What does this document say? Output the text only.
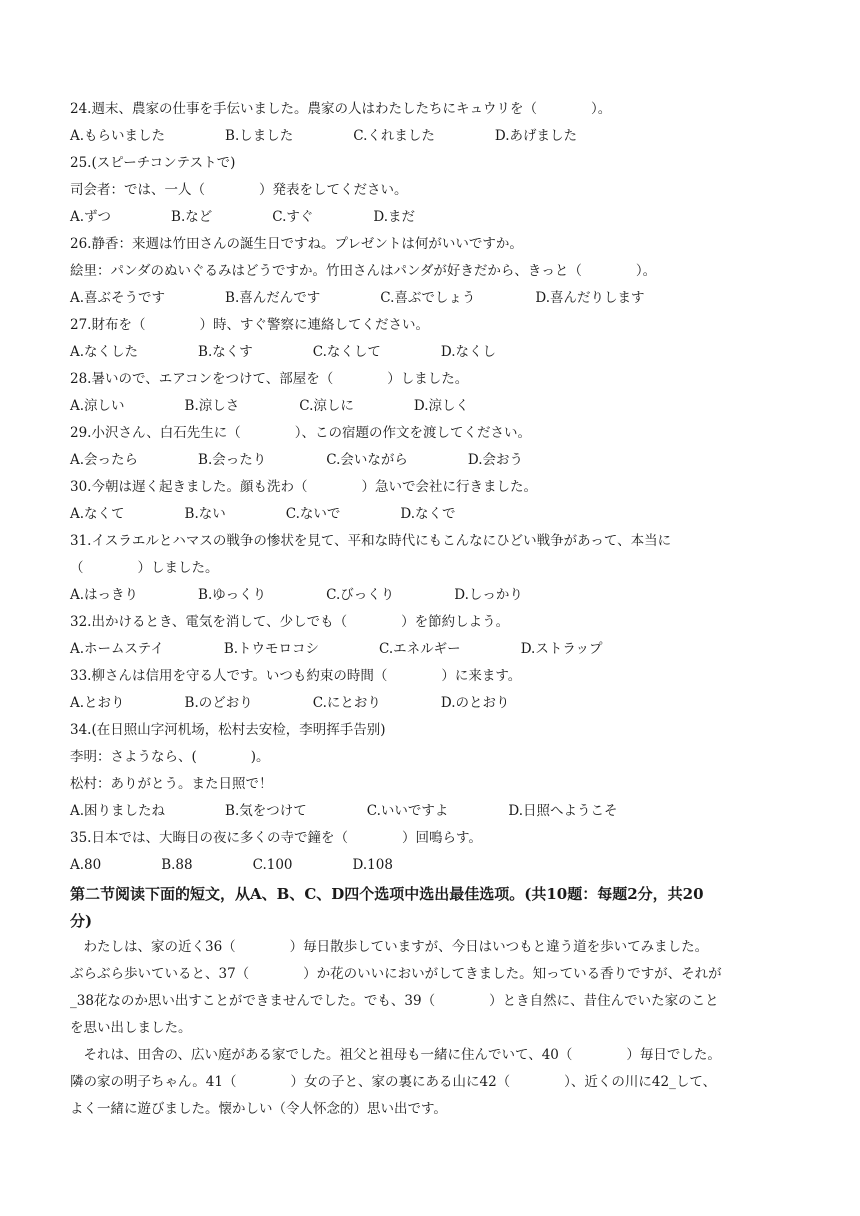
24.週末、農家の仕事を手伝いました。農家の人はわたしたちにキュウリを（　　　　）。
A.もらいました	B.しました	C.くれました	D.あげました
25.(スピーチコンテストで)
司会者：では、一人（　　　　）発表をしてください。
A.ずつ	B.など	C.すぐ	D.まだ
26.静香：来週は竹田さんの誕生日ですね。プレゼントは何がいいですか。
絵里：パンダのぬいぐるみはどうですか。竹田さんはパンダが好きだから、きっと（　　　　）。
A.喜ぶそうです	B.喜んだんです	C.喜ぶでしょう	D.喜んだりします
27.財布を（　　　　）時、すぐ警察に連絡してください。
A.なくした	B.なくす	C.なくして	D.なくし
28.暑いので、エアコンをつけて、部屋を（　　　　）しました。
A.涼しい	B.涼しさ	C.涼しに	D.涼しく
29.小沢さん、白石先生に（　　　　）、この宿題の作文を渡してください。
A.会ったら	B.会ったり	C.会いながら	D.会おう
30.今朝は遅く起きました。顔も洗わ（　　　　）急いで会社に行きました。
A.なくて	B.ない	C.ないで	D.なくで
31.イスラエルとハマスの戦争の惨状を見て、平和な時代にもこんなにひどい戦争があって、本当に
（　　　　）しました。
A.はっきり	B.ゆっくり	C.びっくり	D.しっかり
32.出かけるとき、電気を消して、少しでも（　　　　）を節約しよう。
A.ホームステイ	B.トウモロコシ	C.エネルギー	D.ストラップ
33.柳さんは信用を守る人です。いつも約束の時間（　　　　）に来ます。
A.とおり	B.のどおり	C.にとおり	D.のとおり
34.(在日照山字河机场，松村去安检，李明挥手告别)
李明：さようなら、(　　　　)。
松村：ありがとう。また日照で！
A.困りましたね	B.気をつけて	C.いいですよ	D.日照へようこそ
35.日本では、大晦日の夜に多くの寺で鐘を（　　　　）回鳴らす。
A.80	B.88	C.100	D.108
第二节阅读下面的短文，从A、B、C、D四个选项中选出最佳选项。(共10题：每题2分，共20
分)
　わたしは、家の近く36（　　　　）毎日散歩していますが、今日はいつもと違う道を歩いてみました。
ぶらぶら歩いていると、37（　　　　）か花のいいにおいがしてきました。知っている香りですが、それが
_38花なのか思い出すことができませんでした。でも、39（　　　　）とき自然に、昔住んでいた家のこと
を思い出しました。
　それは、田舎の、広い庭がある家でした。祖父と祖母も一緒に住んでいて、40（　　　　）毎日でした。
隣の家の明子ちゃん。41（　　　　）女の子と、家の裏にある山に42（　　　　）、近くの川に42_して、
よく一緒に遊びました。懐かしい（令人怀念的）思い出です。
